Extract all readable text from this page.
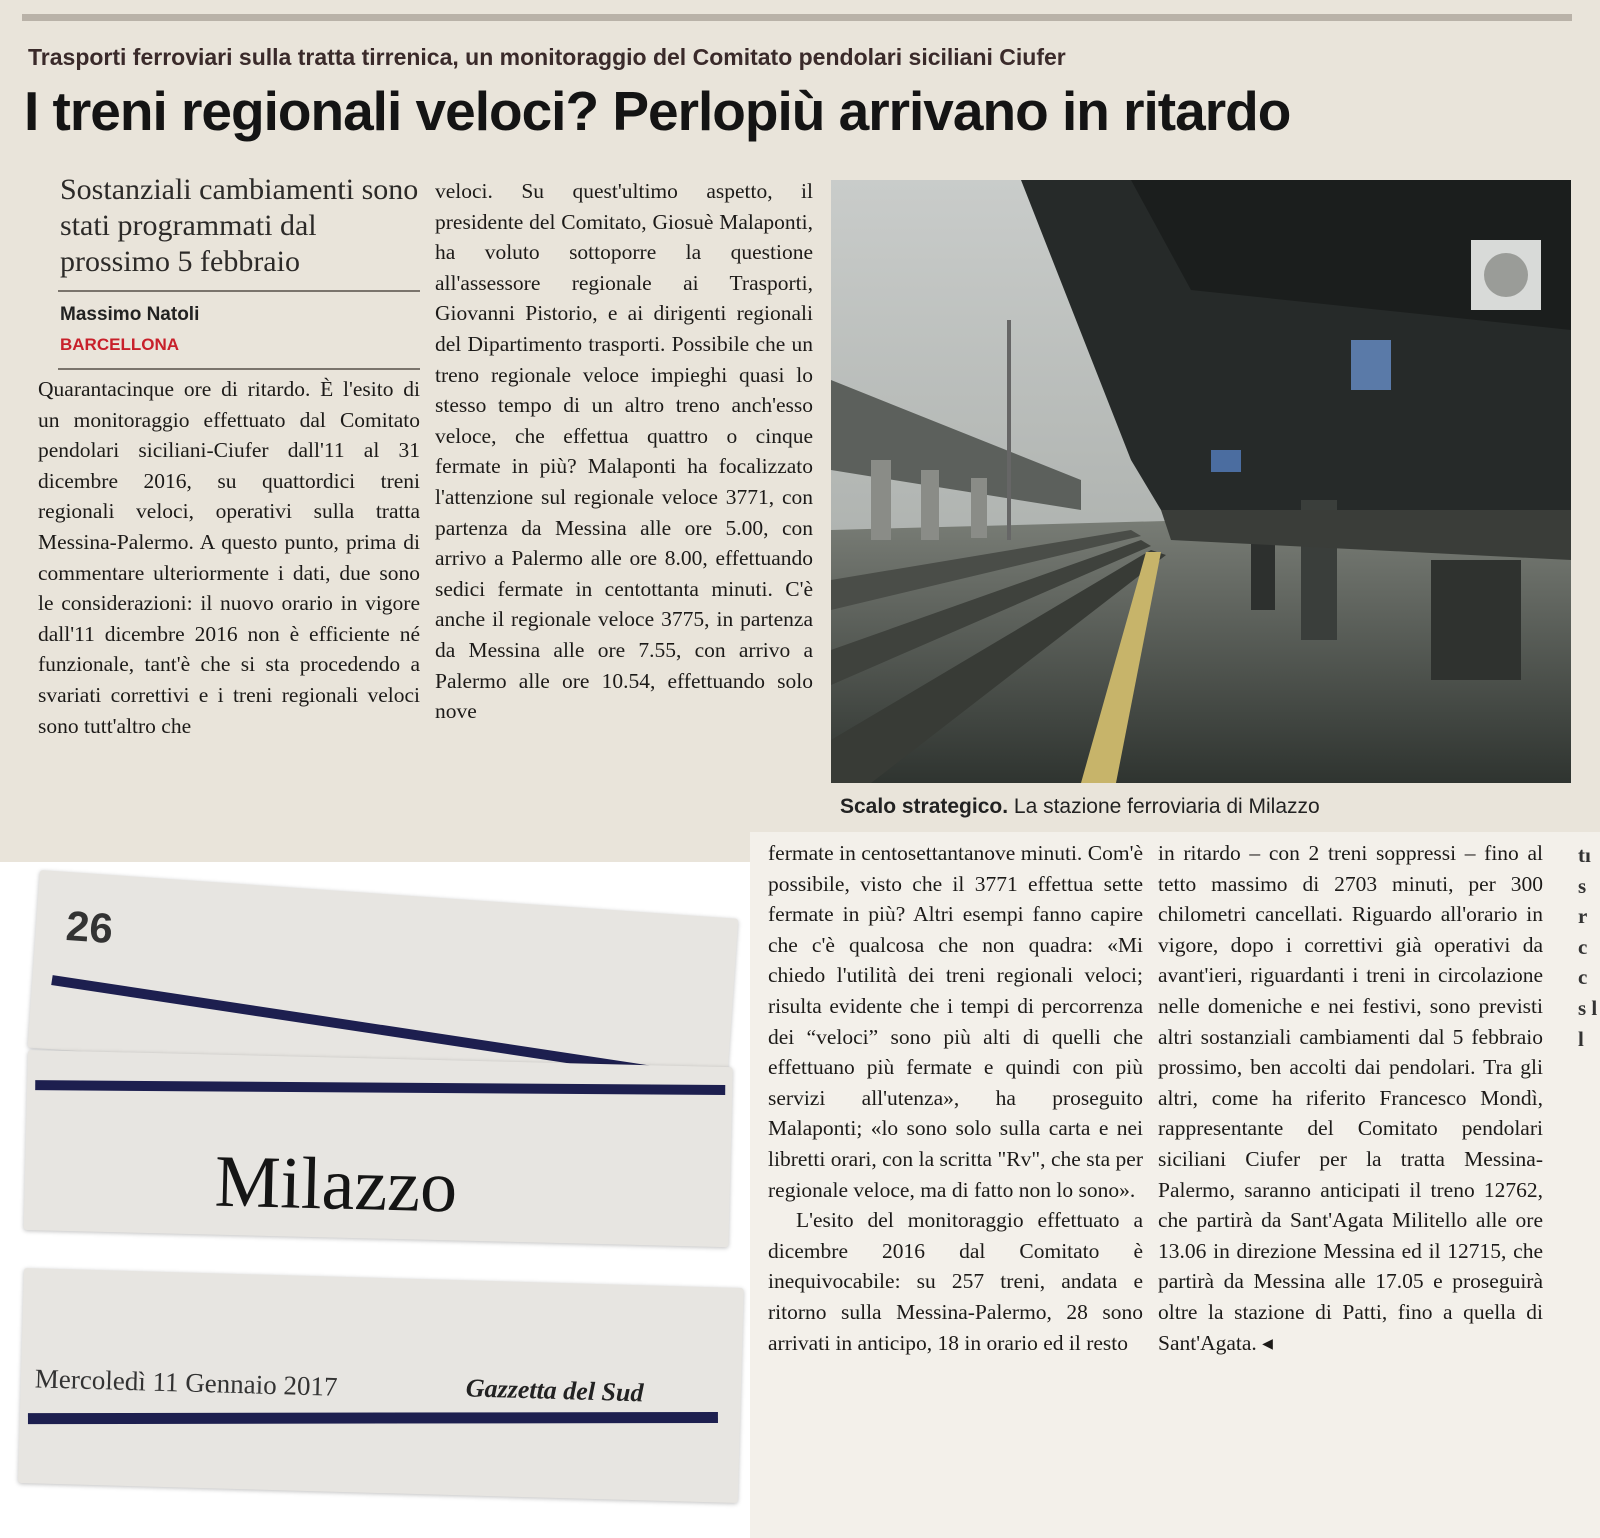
Trasporti ferroviari sulla tratta tirrenica, un monitoraggio del Comitato pendolari siciliani Ciufer
I treni regionali veloci? Perlopiù arrivano in ritardo
Sostanziali cambiamenti sono stati programmati dal prossimo 5 febbraio
Massimo Natoli
BARCELLONA
Quarantacinque ore di ritardo. È l'esito di un monitoraggio effettuato dal Comitato pendolari siciliani-Ciufer dall'11 al 31 dicembre 2016, su quattordici treni regionali veloci, operativi sulla tratta Messina-Palermo. A questo punto, prima di commentare ulteriormente i dati, due sono le considerazioni: il nuovo orario in vigore dall'11 dicembre 2016 non è efficiente né funzionale, tant'è che si sta procedendo a svariati correttivi e i treni regionali veloci sono tutt'altro che
veloci. Su quest'ultimo aspetto, il presidente del Comitato, Giosuè Malaponti, ha voluto sottoporre la questione all'assessore regionale ai Trasporti, Giovanni Pistorio, e ai dirigenti regionali del Dipartimento trasporti. Possibile che un treno regionale veloce impieghi quasi lo stesso tempo di un altro treno anch'esso veloce, che effettua quattro o cinque fermate in più? Malaponti ha focalizzato l'attenzione sul regionale veloce 3771, con partenza da Messina alle ore 5.00, con arrivo a Palermo alle ore 8.00, effettuando sedici fermate in centottanta minuti. C'è anche il regionale veloce 3775, in partenza da Messina alle ore 7.55, con arrivo a Palermo alle ore 10.54, effettuando solo nove
Scalo strategico. La stazione ferroviaria di Milazzo
fermate in centosettantanove minuti. Com'è possibile, visto che il 3771 effettua sette fermate in più? Altri esempi fanno capire che c'è qualcosa che non quadra: «Mi chiedo l'utilità dei treni regionali veloci; risulta evidente che i tempi di percorrenza dei “veloci” sono più alti di quelli che effettuano più fermate e quindi con più servizi all'utenza», ha proseguito Malaponti; «lo sono solo sulla carta e nei libretti orari, con la scritta "Rv", che sta per regionale veloce, ma di fatto non lo sono».
L'esito del monitoraggio effettuato a dicembre 2016 dal Comitato è inequivocabile: su 257 treni, andata e ritorno sulla Messina-Palermo, 28 sono arrivati in anticipo, 18 in orario ed il resto
in ritardo – con 2 treni soppressi – fino al tetto massimo di 2703 minuti, per 300 chilometri cancellati. Riguardo all'orario in vigore, dopo i correttivi già operativi da avant'ieri, riguardanti i treni in circolazione nelle domeniche e nei festivi, sono previsti altri sostanziali cambiamenti dal 5 febbraio prossimo, ben accolti dai pendolari. Tra gli altri, come ha riferito Francesco Mondì, rappresentante del Comitato pendolari siciliani Ciufer per la tratta Messina-Palermo, saranno anticipati il treno 12762, che partirà da Sant'Agata Militello alle ore 13.06 in direzione Messina ed il 12715, che partirà da Messina alle 17.05 e proseguirà oltre la stazione di Patti, fino a quella di Sant'Agata. ◂
tı s r c c s l l
26
Milazzo
Mercoledì 11 Gennaio 2017	Gazzetta del Sud
